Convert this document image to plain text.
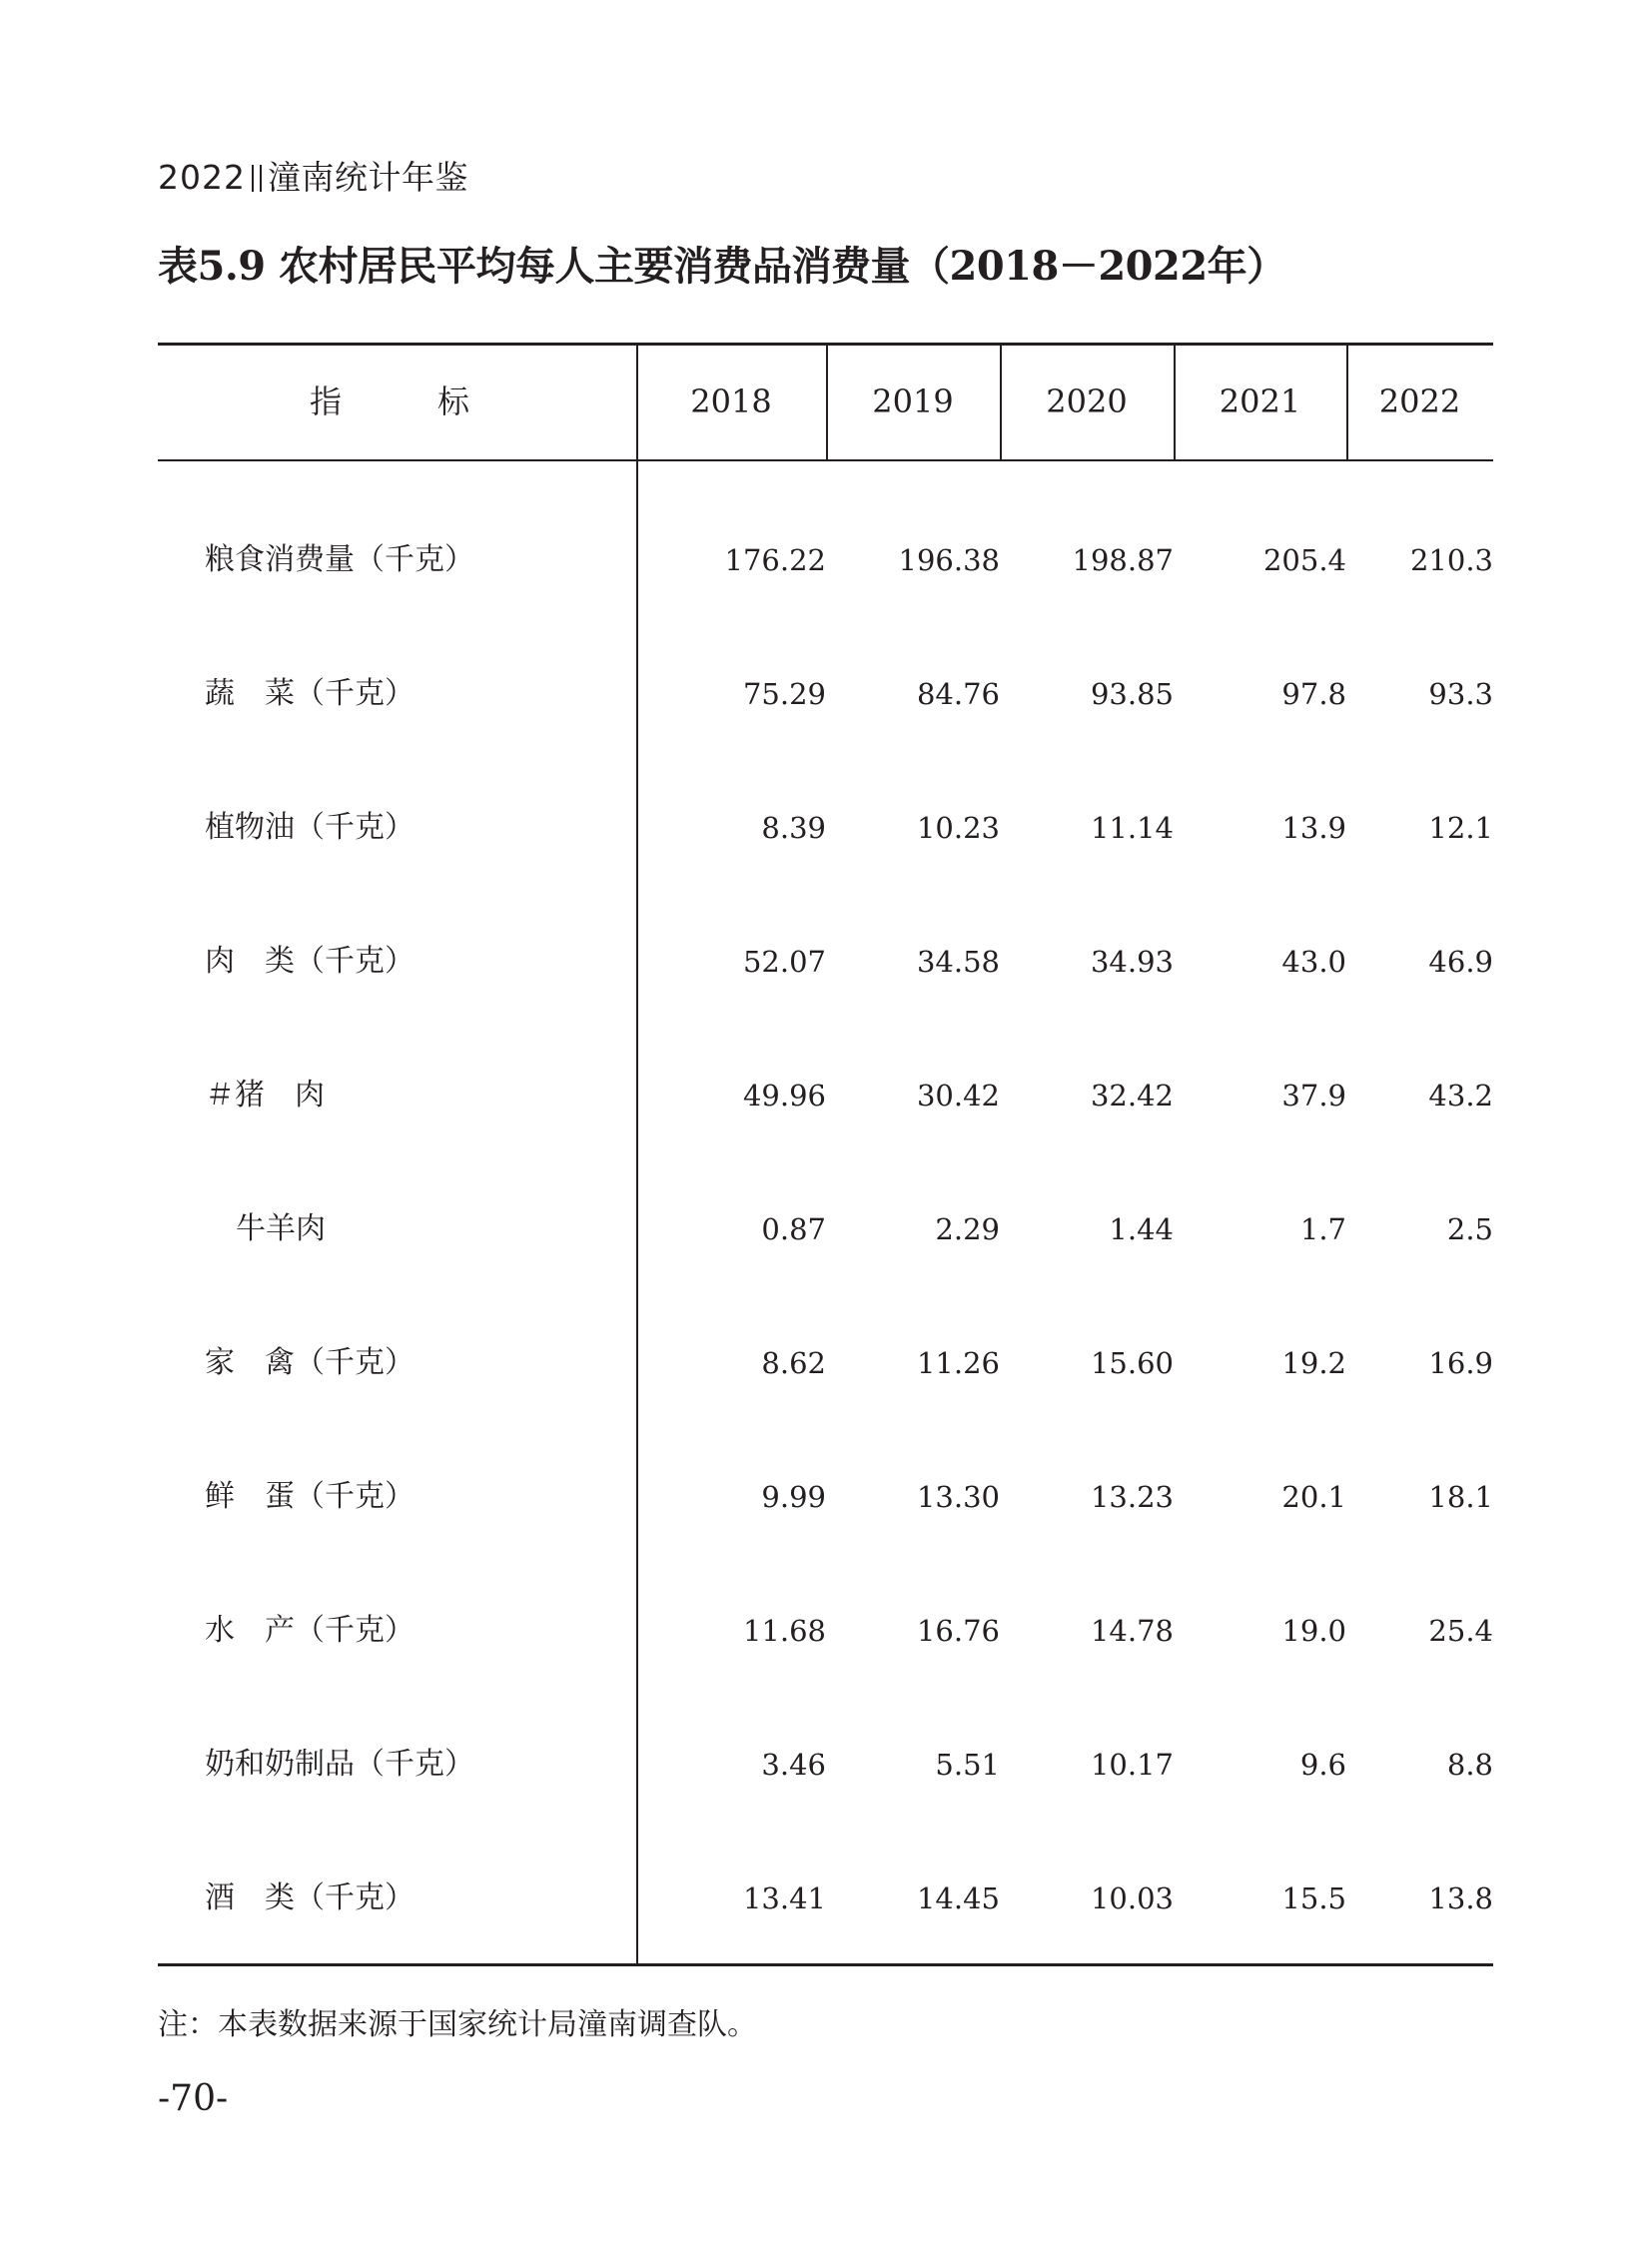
2022 潼南统计年鉴
表5.9 农村居民平均每人主要消费品消费量（2018－2022年）
指　　　标	2018	2019	2020	2021	2022
粮食消费量（千克）	176.22	196.38	198.87	205.4	210.3
蔬　菜（千克）	75.29	84.76	93.85	97.8	93.3
植物油（千克）	8.39	10.23	11.14	13.9	12.1
肉　类（千克）	52.07	34.58	34.93	43.0	46.9
＃猪　肉	49.96	30.42	32.42	37.9	43.2
牛羊肉	0.87	2.29	1.44	1.7	2.5
家　禽（千克）	8.62	11.26	15.60	19.2	16.9
鲜　蛋（千克）	9.99	13.30	13.23	20.1	18.1
水　产（千克）	11.68	16.76	14.78	19.0	25.4
奶和奶制品（千克）	3.46	5.51	10.17	9.6	8.8
酒　类（千克）	13.41	14.45	10.03	15.5	13.8
注：本表数据来源于国家统计局潼南调查队。
-70-
